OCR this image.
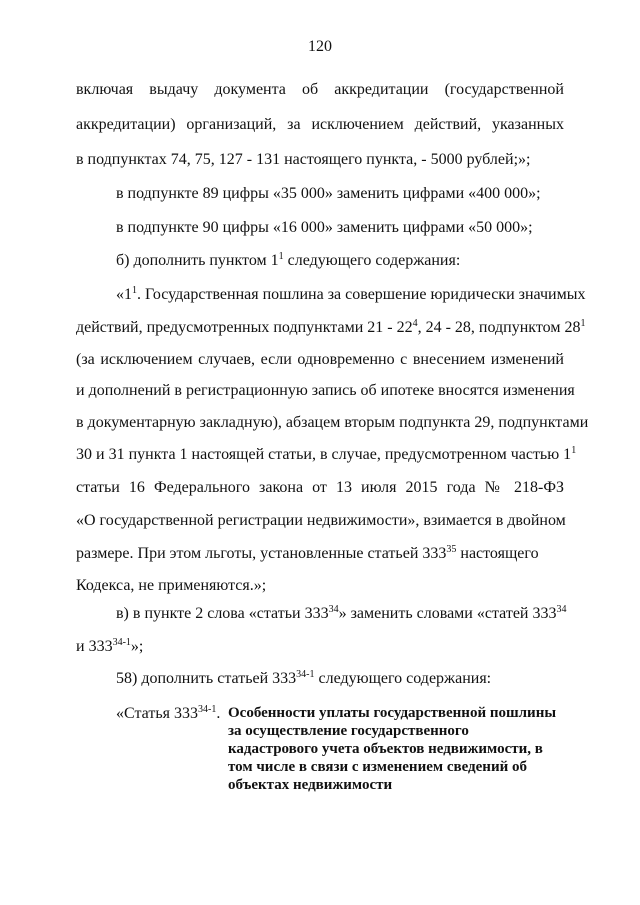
120
включая выдачу документа об аккредитации (государственной
аккредитации) организаций, за исключением действий, указанных
в подпунктах 74, 75, 127 - 131 настоящего пункта, - 5000 рублей;»;
в подпункте 89 цифры «35 000» заменить цифрами «400 000»;
в подпункте 90 цифры «16 000» заменить цифрами «50 000»;
б) дополнить пунктом $1^1$ следующего содержания:
«$1^1$. Государственная пошлина за совершение юридически значимых
действий, предусмотренных подпунктами $21 - 22^4$, 24 - 28, подпунктом $28^1$
(за исключением случаев, если одновременно с внесением изменений
и дополнений в регистрационную запись об ипотеке вносятся изменения
в документарную закладную), абзацем вторым подпункта 29, подпунктами
30 и 31 пункта 1 настоящей статьи, в случае, предусмотренном частью $1^1$
статьи 16 Федерального закона от 13 июля 2015 года № 218-ФЗ
«О государственной регистрации недвижимости», взимается в двойном
размере. При этом льготы, установленные статьей $333^{35}$ настоящего
Кодекса, не применяются.»;
в) в пункте 2 слова «статьи $333^{34}$» заменить словами «статей $333^{34}$
и 333$^{34-1}$»;
58) дополнить статьей 333$^{34-1}$ следующего содержания:
«Статья 333$^{34-1}$. Особенности уплаты государственной пошлины
за осуществление государственного
кадастрового учета объектов недвижимости, в
том числе в связи с изменением сведений об
объектах недвижимости
